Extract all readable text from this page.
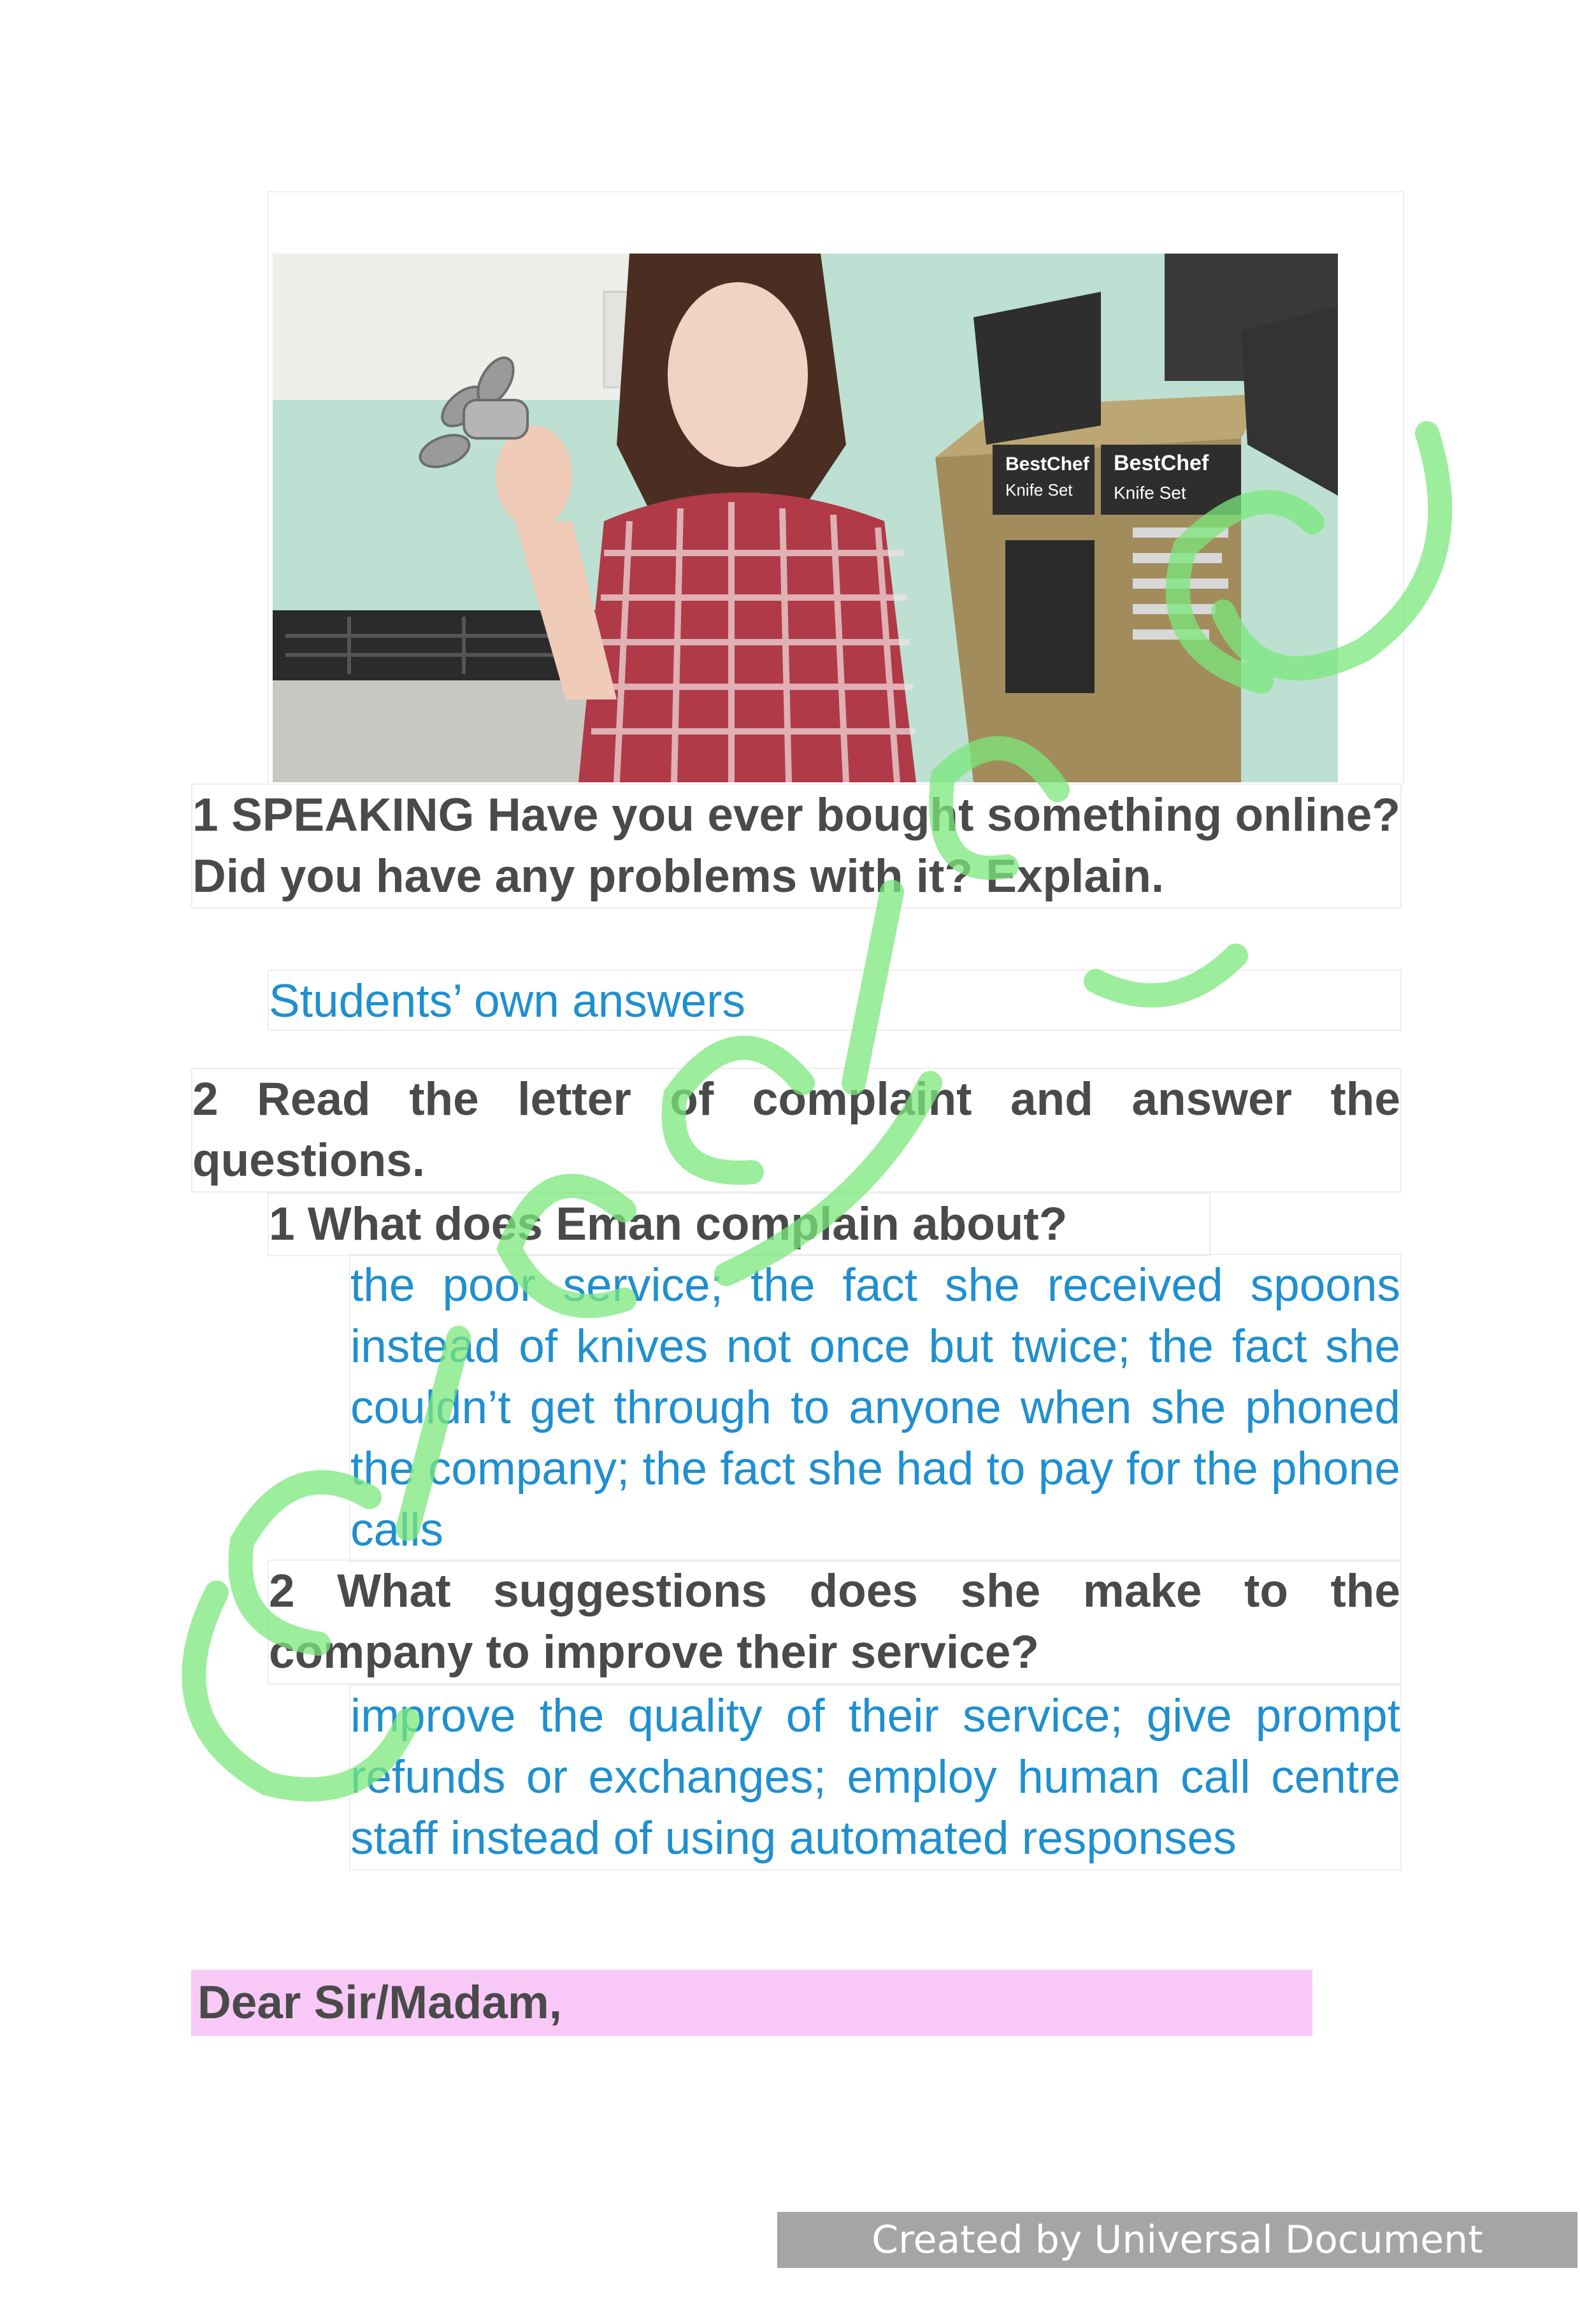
BestChef
Knife Set
BestChef
Knife Set

1 SPEAKING Have you ever bought something online? Did you have any problems with it? Explain.

Students’ own answers

2 Read the letter of complaint and answer the questions.

1 What does Eman complain about?

the poor service; the fact she received spoons instead of knives not once but twice; the fact she couldn’t get through to anyone when she phoned the company; the fact she had to pay for the phone calls

2 What suggestions does she make to the company to improve their service?

improve the quality of their service; give prompt refunds or exchanges; employ human call centre staff instead of using automated responses

Dear Sir/Madam,
Created by Universal Document Converter
